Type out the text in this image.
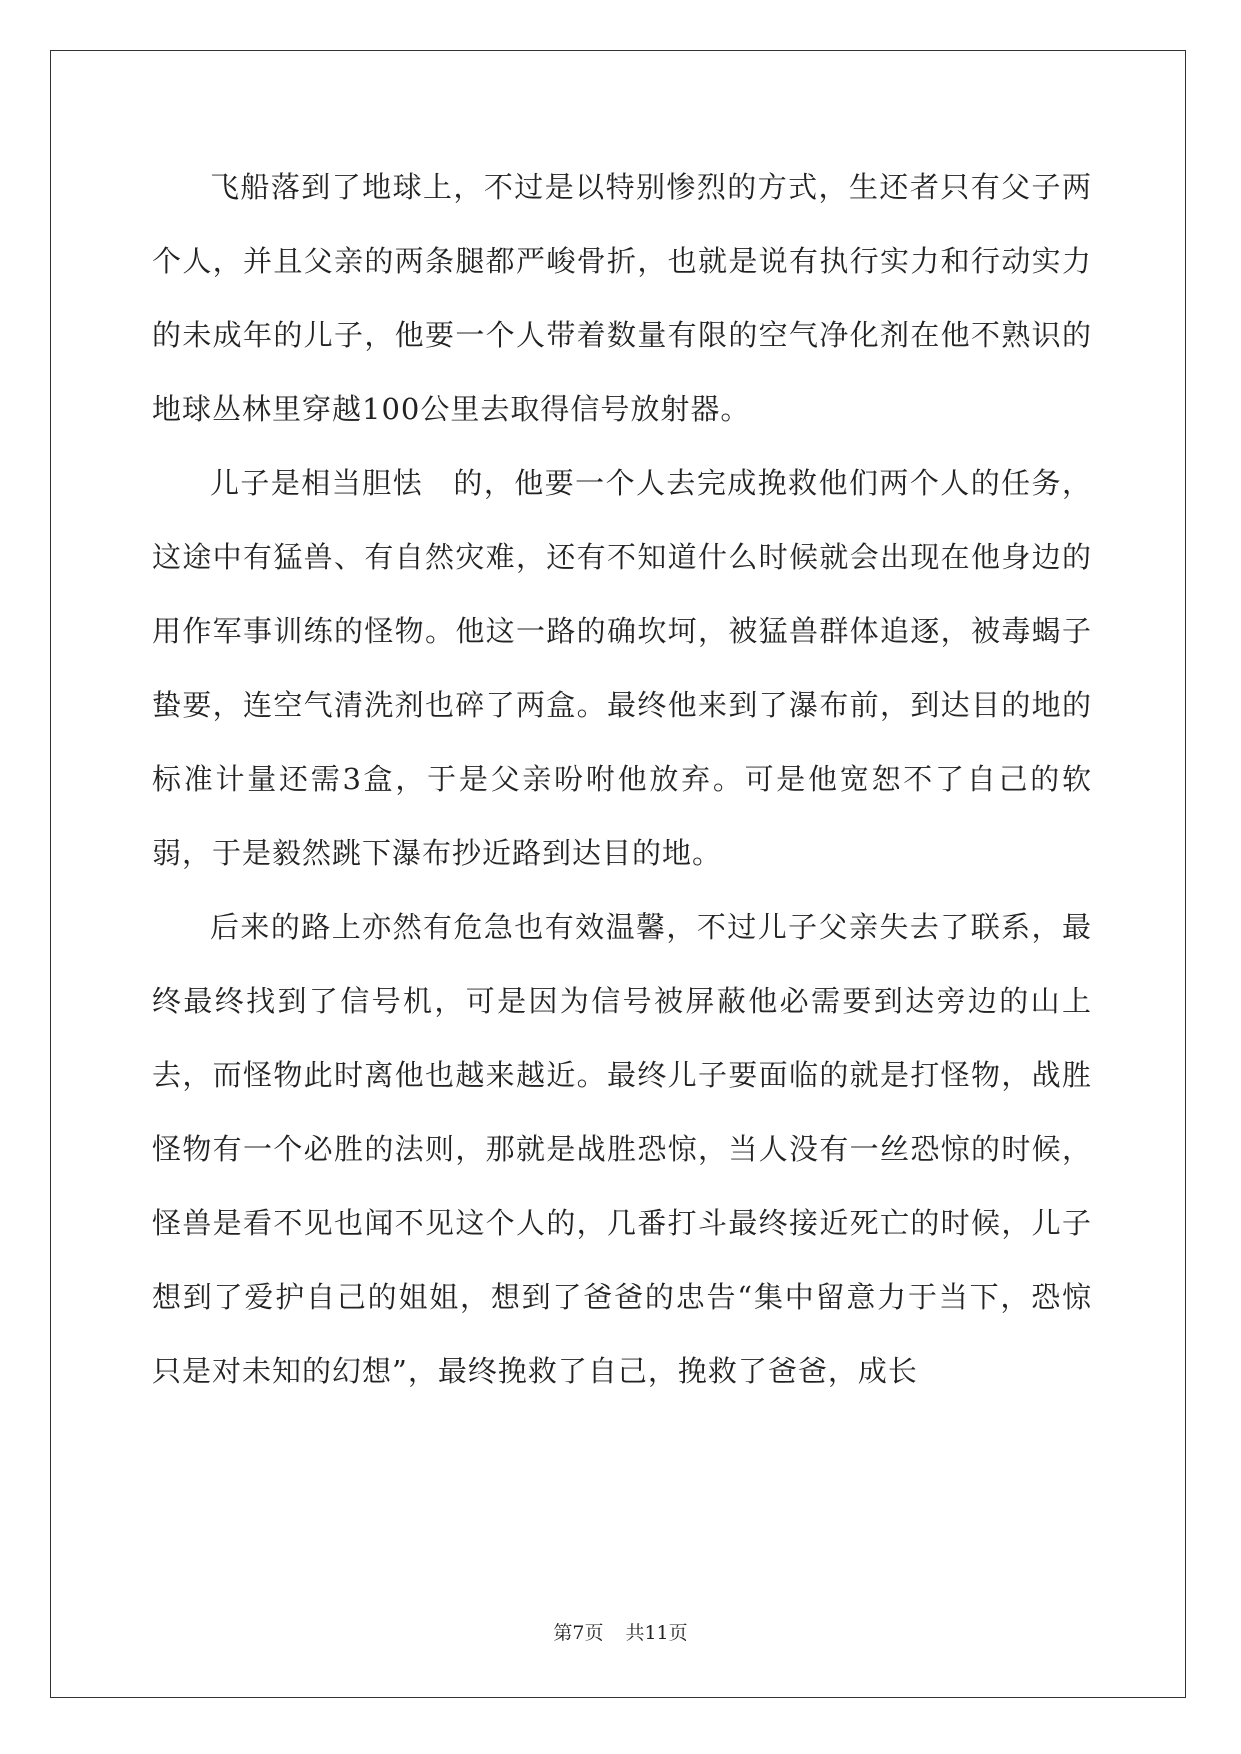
飞船落到了地球上，不过是以特别惨烈的方式，生还者只有父子两个人，并且父亲的两条腿都严峻骨折，也就是说有执行实力和行动实力的未成年的儿子，他要一个人带着数量有限的空气净化剂在他不熟识的地球丛林里穿越100公里去取得信号放射器。

儿子是相当胆怯　的，他要一个人去完成挽救他们两个人的任务，这途中有猛兽、有自然灾难，还有不知道什么时候就会出现在他身边的用作军事训练的怪物。他这一路的确坎坷，被猛兽群体追逐，被毒蝎子蛰要，连空气清洗剂也碎了两盒。最终他来到了瀑布前，到达目的地的标准计量还需3盒，于是父亲吩咐他放弃。可是他宽恕不了自己的软弱，于是毅然跳下瀑布抄近路到达目的地。

后来的路上亦然有危急也有效温馨，不过儿子父亲失去了联系，最终最终找到了信号机，可是因为信号被屏蔽他必需要到达旁边的山上去，而怪物此时离他也越来越近。最终儿子要面临的就是打怪物，战胜怪物有一个必胜的法则，那就是战胜恐惊，当人没有一丝恐惊的时候，怪兽是看不见也闻不见这个人的，几番打斗最终接近死亡的时候，儿子想到了爱护自己的姐姐，想到了爸爸的忠告“集中留意力于当下，恐惊只是对未知的幻想”，最终挽救了自己，挽救了爸爸，成长

第7页 共11页
